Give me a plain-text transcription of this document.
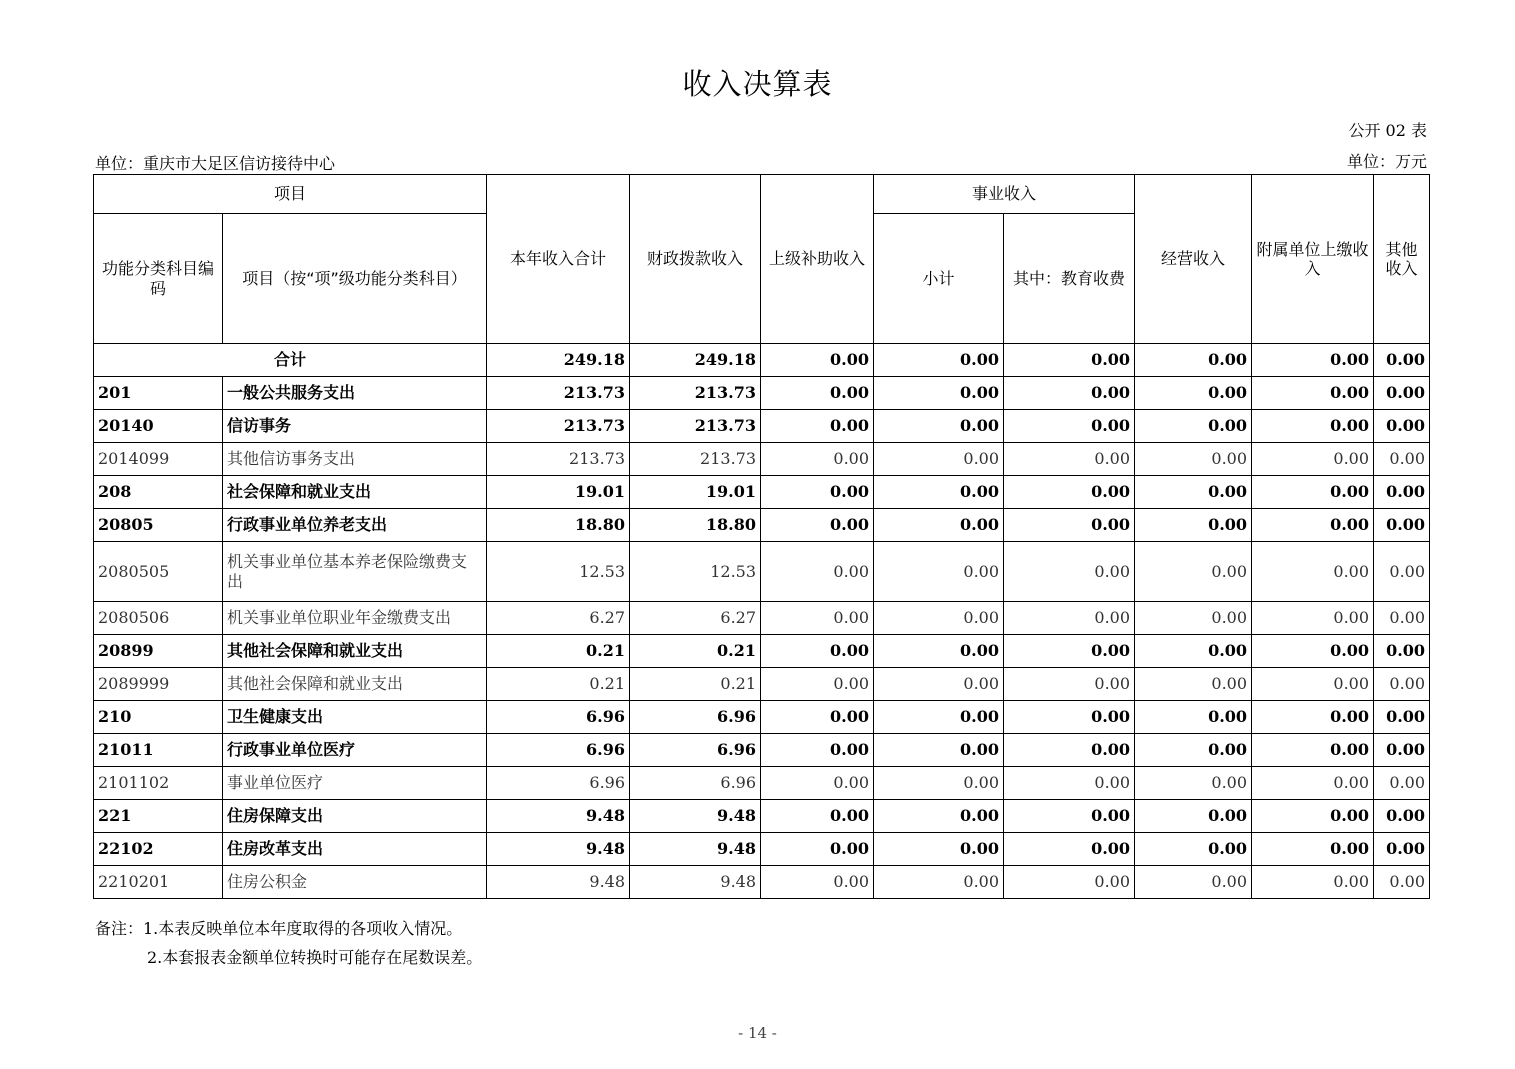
收入决算表
公开 02 表
单位：重庆市大足区信访接待中心	单位：万元
项目		本年收入合计	财政拨款收入	上级补助收入	事业收入		经营收入	附属单位上缴收入	其他收入
功能分类科目编码	项目（按“项”级功能分类科目）				小计	其中：教育收费			
合计		249.18	249.18	0.00	0.00	0.00	0.00	0.00	0.00
201	一般公共服务支出	213.73	213.73	0.00	0.00	0.00	0.00	0.00	0.00
20140	信访事务	213.73	213.73	0.00	0.00	0.00	0.00	0.00	0.00
2014099	其他信访事务支出	213.73	213.73	0.00	0.00	0.00	0.00	0.00	0.00
208	社会保障和就业支出	19.01	19.01	0.00	0.00	0.00	0.00	0.00	0.00
20805	行政事业单位养老支出	18.80	18.80	0.00	0.00	0.00	0.00	0.00	0.00
2080505	机关事业单位基本养老保险缴费支出	12.53	12.53	0.00	0.00	0.00	0.00	0.00	0.00
2080506	机关事业单位职业年金缴费支出	6.27	6.27	0.00	0.00	0.00	0.00	0.00	0.00
20899	其他社会保障和就业支出	0.21	0.21	0.00	0.00	0.00	0.00	0.00	0.00
2089999	其他社会保障和就业支出	0.21	0.21	0.00	0.00	0.00	0.00	0.00	0.00
210	卫生健康支出	6.96	6.96	0.00	0.00	0.00	0.00	0.00	0.00
21011	行政事业单位医疗	6.96	6.96	0.00	0.00	0.00	0.00	0.00	0.00
2101102	事业单位医疗	6.96	6.96	0.00	0.00	0.00	0.00	0.00	0.00
221	住房保障支出	9.48	9.48	0.00	0.00	0.00	0.00	0.00	0.00
22102	住房改革支出	9.48	9.48	0.00	0.00	0.00	0.00	0.00	0.00
2210201	住房公积金	9.48	9.48	0.00	0.00	0.00	0.00	0.00	0.00
备注：1.本表反映单位本年度取得的各项收入情况。
2.本套报表金额单位转换时可能存在尾数误差。
- 14 -
